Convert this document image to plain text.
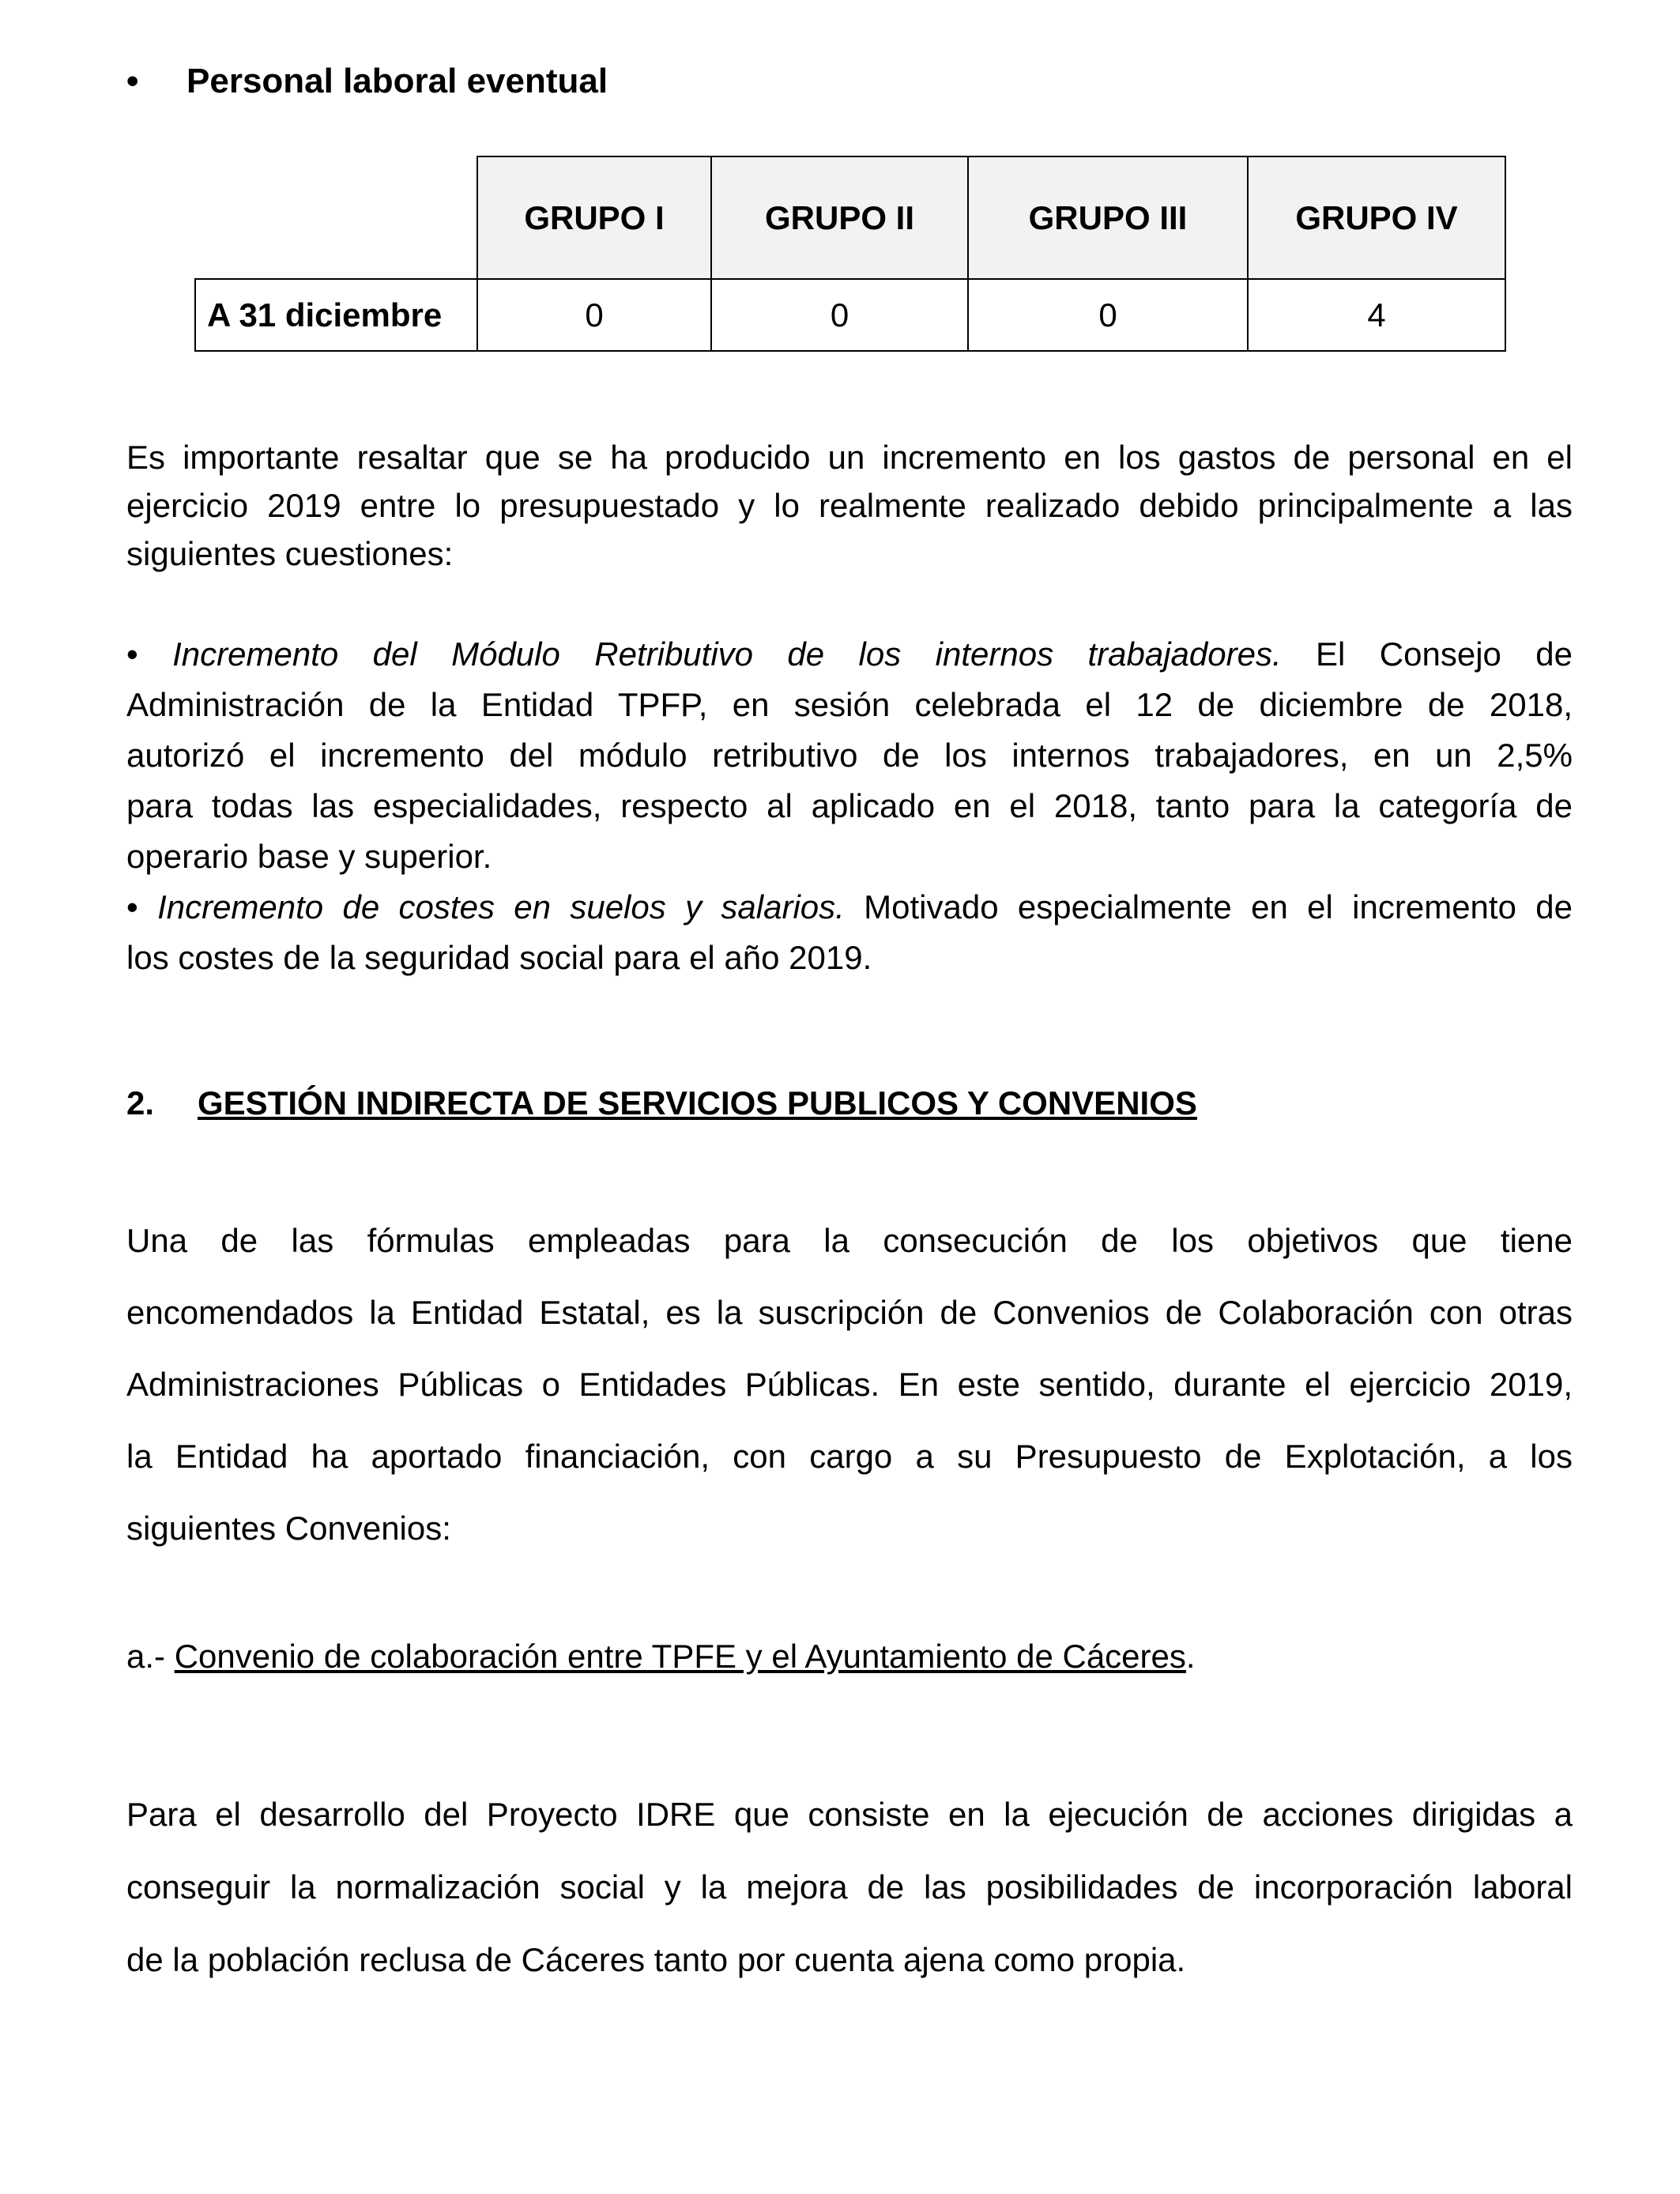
• Personal laboral eventual
	GRUPO I	GRUPO II	GRUPO III	GRUPO IV
A 31 diciembre	0	0	0	4
Es importante resaltar que se ha producido un incremento en los gastos de personal en el
ejercicio 2019 entre lo presupuestado y lo realmente realizado debido principalmente a las
siguientes cuestiones:
• Incremento del Módulo Retributivo de los internos trabajadores. El Consejo de
Administración de la Entidad TPFP, en sesión celebrada el 12 de diciembre de 2018,
autorizó el incremento del módulo retributivo de los internos trabajadores, en un 2,5%
para todas las especialidades, respecto al aplicado en el 2018, tanto para la categoría de
operario base y superior.
• Incremento de costes en suelos y salarios. Motivado especialmente en el incremento de
los costes de la seguridad social para el año 2019.
2. GESTIÓN INDIRECTA DE SERVICIOS PUBLICOS Y CONVENIOS
Una de las fórmulas empleadas para la consecución de los objetivos que tiene
encomendados la Entidad Estatal, es la suscripción de Convenios de Colaboración con otras
Administraciones Públicas o Entidades Públicas. En este sentido, durante el ejercicio 2019,
la Entidad ha aportado financiación, con cargo a su Presupuesto de Explotación, a los
siguientes Convenios:
a.- Convenio de colaboración entre TPFE y el Ayuntamiento de Cáceres.
Para el desarrollo del Proyecto IDRE que consiste en la ejecución de acciones dirigidas a
conseguir la normalización social y la mejora de las posibilidades de incorporación laboral
de la población reclusa de Cáceres tanto por cuenta ajena como propia.
